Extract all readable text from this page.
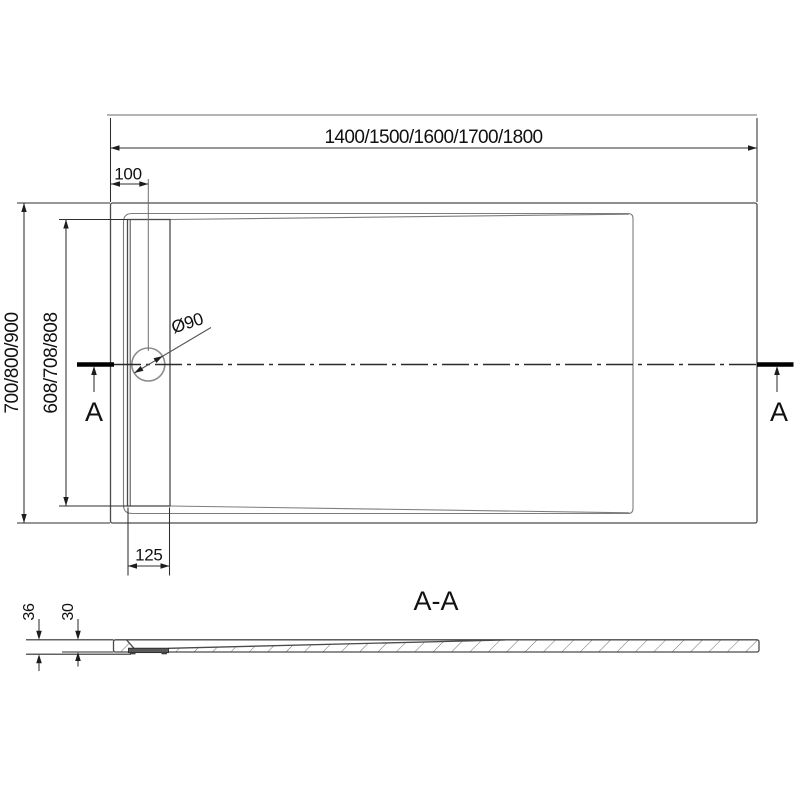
1400/1500/1600/1700/1800
100
700/800/900 608/708/808
125
A	A
Ø90
A-A
36 30
